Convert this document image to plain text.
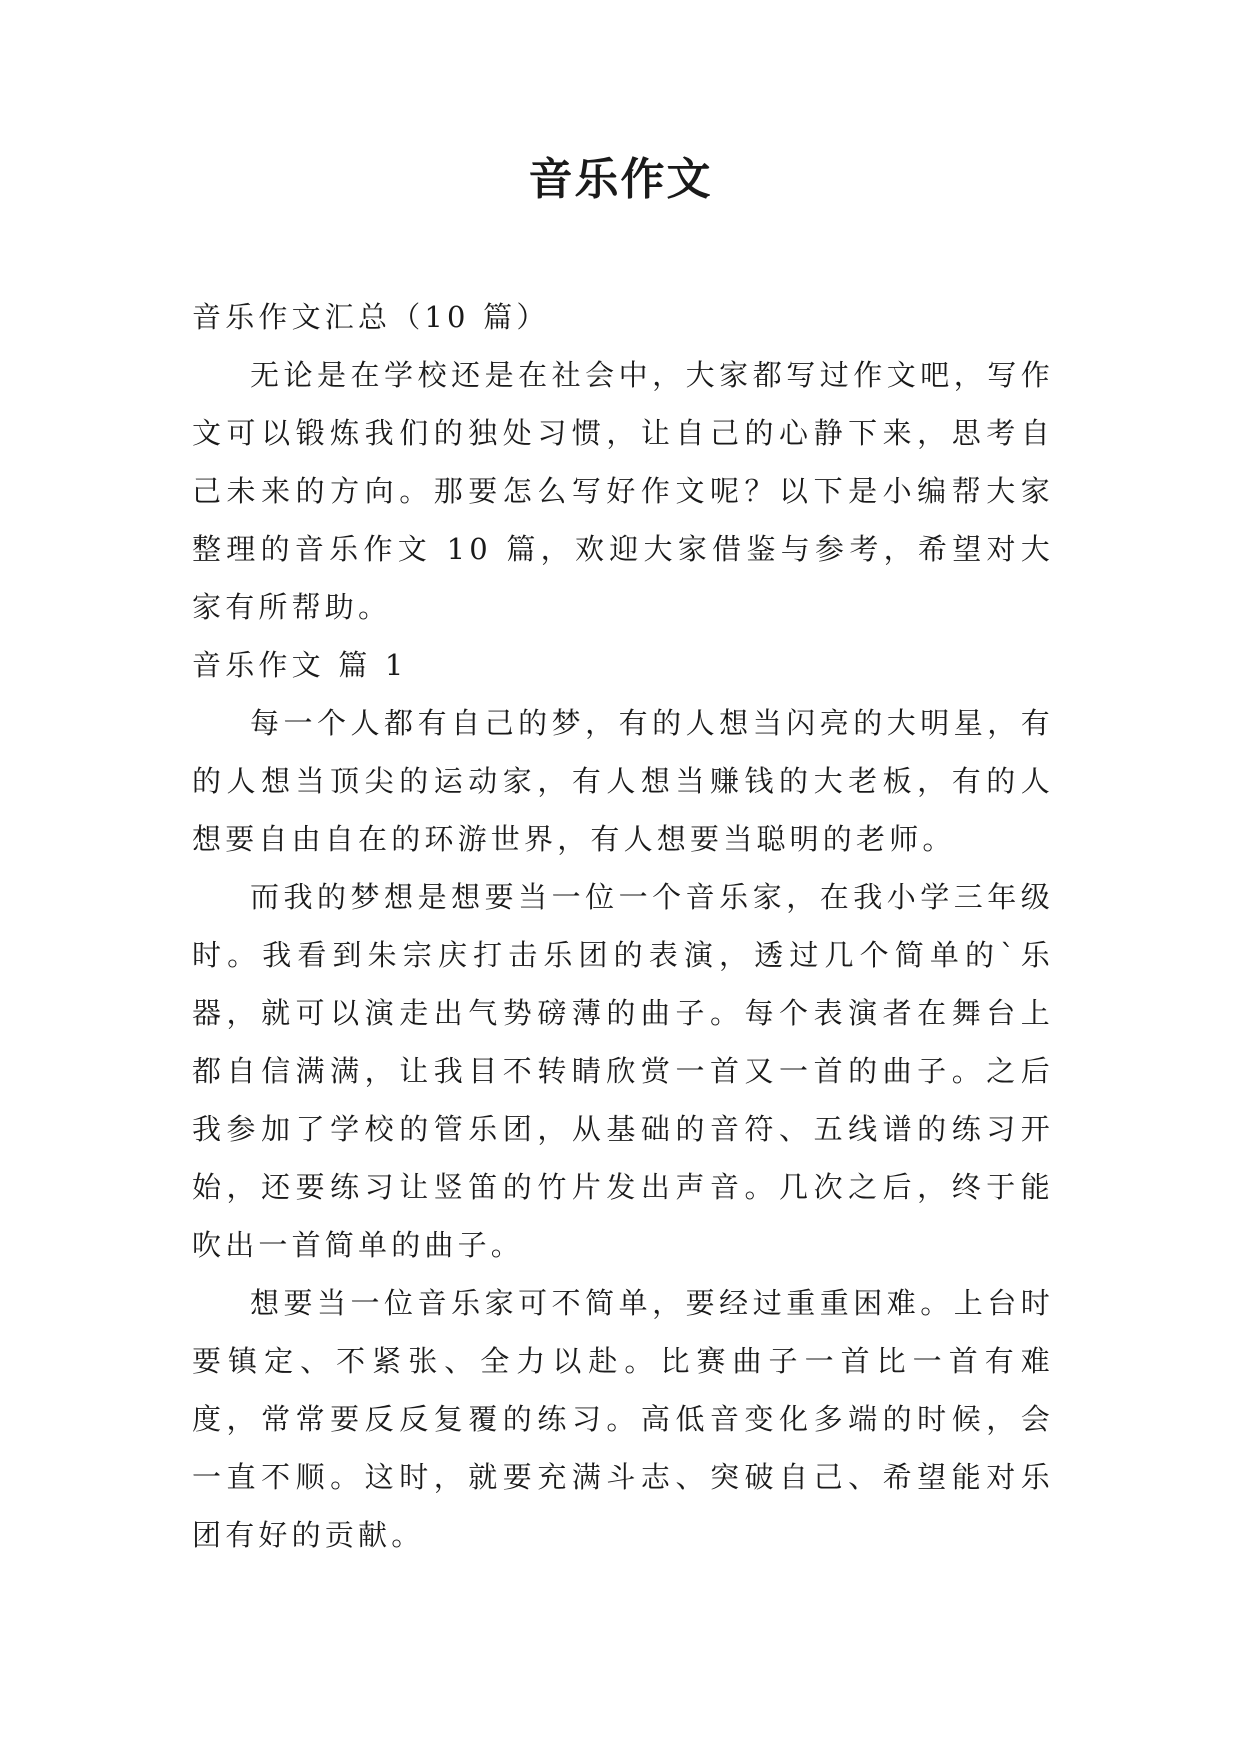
音乐作文

音乐作文汇总（10 篇）

无论是在学校还是在社会中，大家都写过作文吧，写作文可以锻炼我们的独处习惯，让自己的心静下来，思考自己未来的方向。那要怎么写好作文呢？以下是小编帮大家整理的音乐作文 10 篇，欢迎大家借鉴与参考，希望对大家有所帮助。

音乐作文 篇 1

每一个人都有自己的梦，有的人想当闪亮的大明星，有的人想当顶尖的运动家，有人想当赚钱的大老板，有的人想要自由自在的环游世界，有人想要当聪明的老师。

而我的梦想是想要当一位一个音乐家，在我小学三年级时。我看到朱宗庆打击乐团的表演，透过几个简单的`乐器，就可以演走出气势磅薄的曲子。每个表演者在舞台上都自信满满，让我目不转睛欣赏一首又一首的曲子。之后我参加了学校的管乐团，从基础的音符、五线谱的练习开始，还要练习让竖笛的竹片发出声音。几次之后，终于能吹出一首简单的曲子。

想要当一位音乐家可不简单，要经过重重困难。上台时要镇定、不紧张、全力以赴。比赛曲子一首比一首有难度，常常要反反复覆的练习。高低音变化多端的时候，会一直不顺。这时，就要充满斗志、突破自己、希望能对乐团有好的贡献。
